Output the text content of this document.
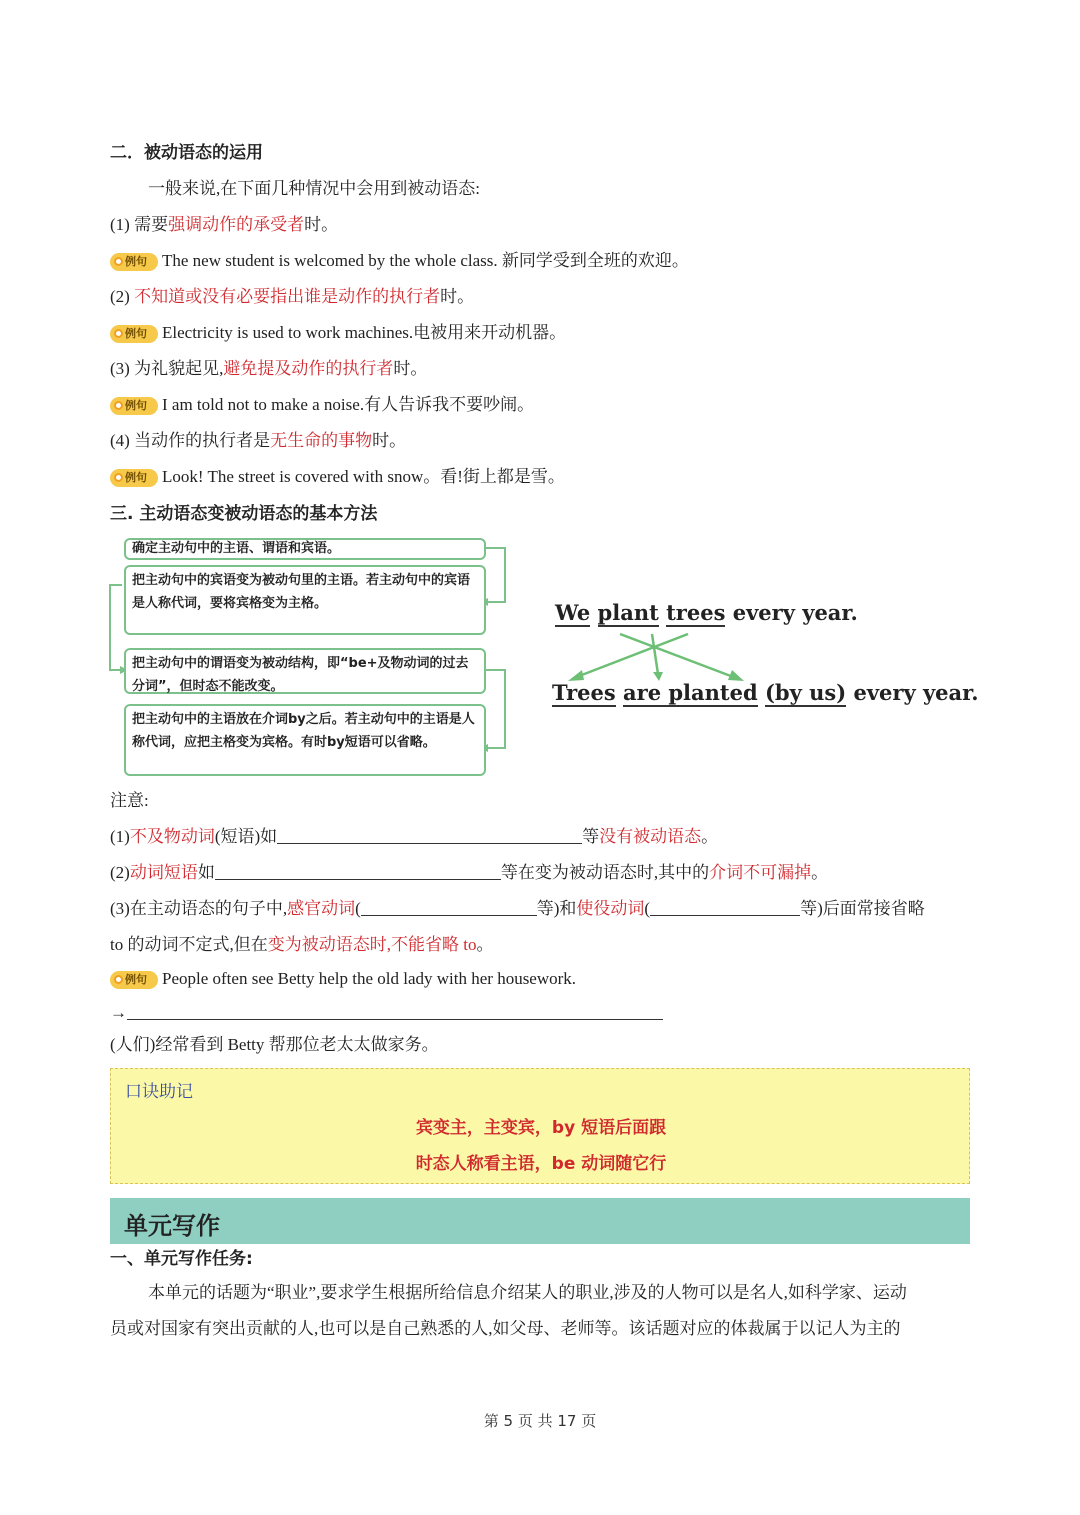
二．被动语态的运用
一般来说,在下面几种情况中会用到被动语态:
(1) 需要强调动作的承受者时。
例句 The new student is welcomed by the whole class. 新同学受到全班的欢迎。
(2) 不知道或没有必要指出谁是动作的执行者时。
例句 Electricity is used to work machines.电被用来开动机器。
(3) 为礼貌起见,避免提及动作的执行者时。
例句 I am told not to make a noise.有人告诉我不要吵闹。
(4) 当动作的执行者是无生命的事物时。
例句 Look! The street is covered with snow。看!街上都是雪。
三. 主动语态变被动语态的基本方法
确定主动句中的主语、谓语和宾语。
把主动句中的宾语变为被动句里的主语。若主动句中的宾语是人称代词，要将宾格变为主格。
把主动句中的谓语变为被动结构，即“be+及物动词的过去分词”，但时态不能改变。
把主动句中的主语放在介词by之后。若主动句中的主语是人称代词，应把主格变为宾格。有时by短语可以省略。
We plant trees every year.
Trees are planted (by us) every year.
注意:
(1)不及物动词(短语)如	等没有被动语态。
(2)动词短语如	等在变为被动语态时,其中的介词不可漏掉。
(3)在主动语态的句子中,感官动词(	等)和使役动词(	等)后面常接省略
to 的动词不定式,但在变为被动语态时,不能省略 to。
例句 People often see Betty help the old lady with her housework.
→
(人们)经常看到 Betty 帮那位老太太做家务。
口诀助记
宾变主，主变宾，by 短语后面跟
时态人称看主语，be 动词随它行
单元写作
一、单元写作任务:
本单元的话题为“职业”,要求学生根据所给信息介绍某人的职业,涉及的人物可以是名人,如科学家、运动
员或对国家有突出贡献的人,也可以是自己熟悉的人,如父母、老师等。该话题对应的体裁属于以记人为主的
第 5 页 共 17 页
